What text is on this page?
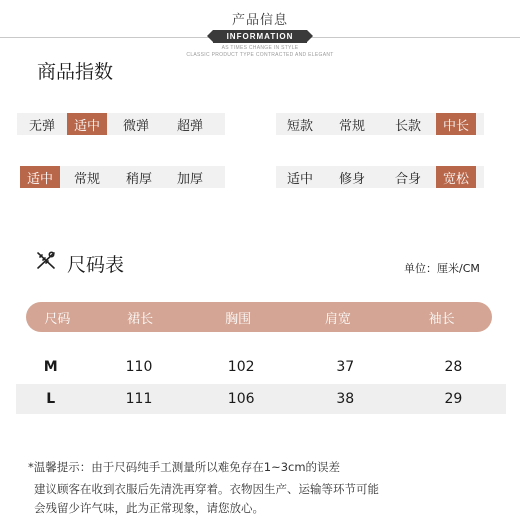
产品信息
INFORMATION
AS TIMES CHANGE IN STYLE
CLASSIC PRODUCT TYPE CONTRACTED AND ELEGANT
商品指数
无弹	适中	微弹	超弹	短款	常规	长款	中长
适中	常规	稍厚	加厚	适中	修身	合身	宽松
尺码表	单位：厘米/CM
尺码	裙长	胸围	肩宽	袖长
M	110	102	37	28
L	111	106	38	29
*温馨提示：由于尺码纯手工测量所以难免存在1~3cm的误差
建议顾客在收到衣服后先清洗再穿着。衣物因生产、运输等环节可能
会残留少许气味，此为正常现象，请您放心。
